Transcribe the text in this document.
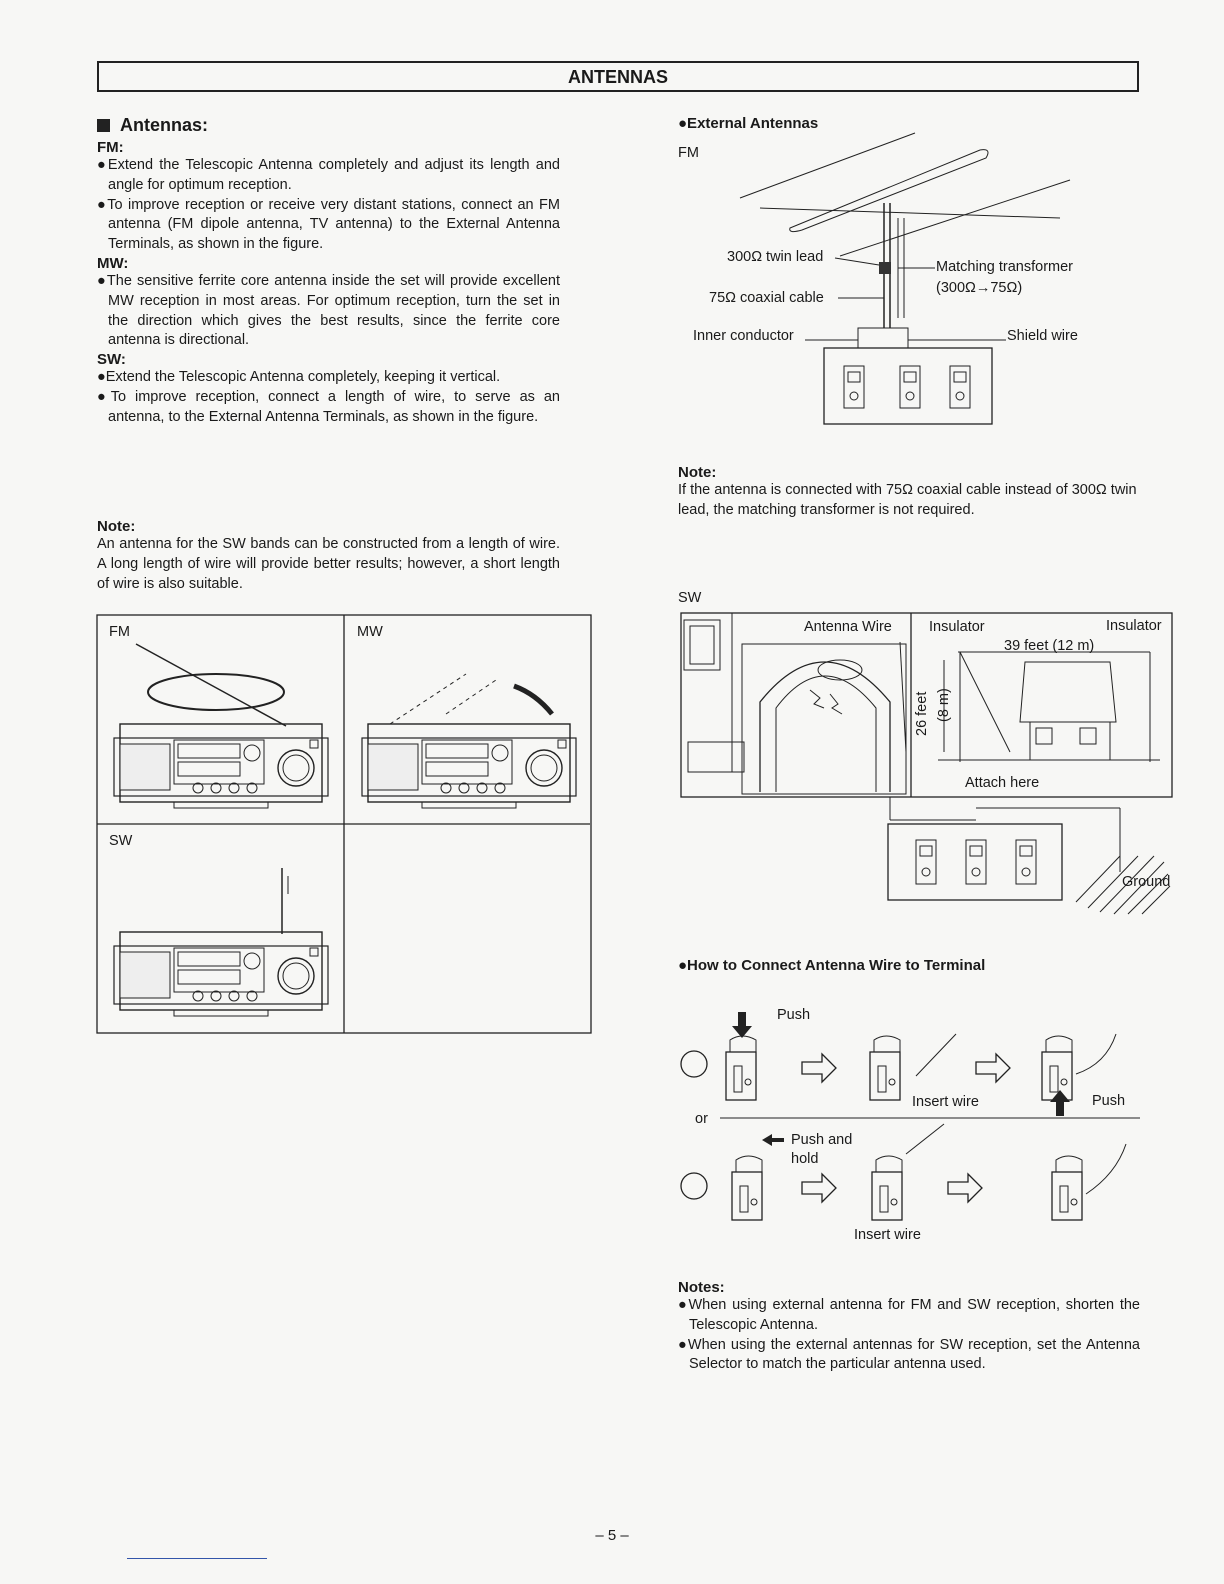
ANTENNAS
Antennas:
FM:
●Extend the Telescopic Antenna completely and adjust its length and angle for optimum reception.
●To improve reception or receive very distant stations, connect an FM antenna (FM dipole antenna, TV antenna) to the External Antenna Terminals, as shown in the figure.
MW:
●The sensitive ferrite core antenna inside the set will provide excellent MW reception in most areas. For optimum reception, turn the set in the direction which gives the best results, since the ferrite core antenna is directional.
SW:
●Extend the Telescopic Antenna completely, keeping it vertical.
●To improve reception, connect a length of wire, to serve as an antenna, to the External Antenna Terminals, as shown in the figure.
Note:
An antenna for the SW bands can be constructed from a length of wire. A long length of wire will provide better results; however, a short length of wire is also suitable.
FM	MW
SW
●External Antennas
FM
300Ω twin lead
75Ω coaxial cable
Inner conductor
Matching transformer
(300Ω→75Ω)
Shield wire
Note:
If the antenna is connected with 75Ω coaxial cable instead of 300Ω twin lead, the matching transformer is not required.
SW
Antenna Wire	Insulator	Insulator
39 feet (12 m)
26 feet (8 m)
Attach here
Ground
●How to Connect Antenna Wire to Terminal
Push
Insert wire	Push
or
Push and
hold
Insert wire
Notes:
●When using external antenna for FM and SW reception, shorten the Telescopic Antenna.
●When using the external antennas for SW reception, set the Antenna Selector to match the particular antenna used.
– 5 –
